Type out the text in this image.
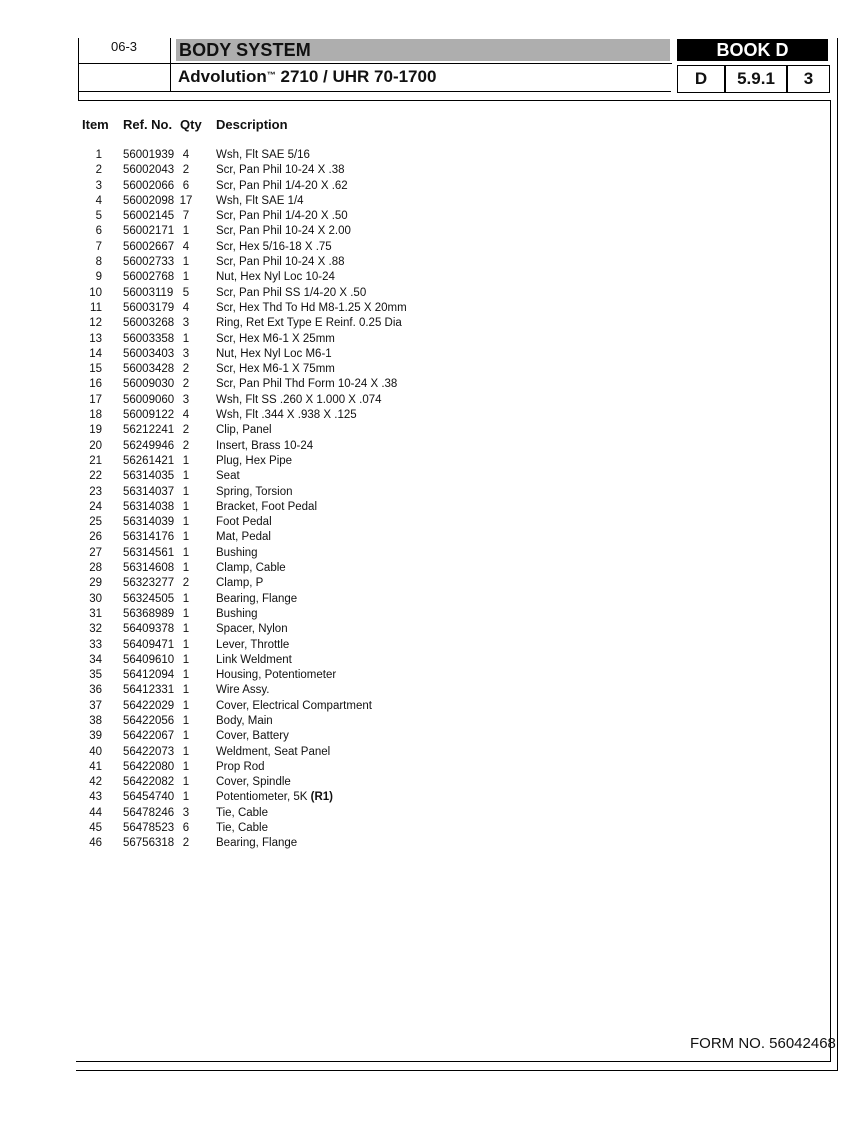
06-3	BODY SYSTEM
Advolution™ 2710 / UHR 70-1700
BOOK D
D	5.9.1	3
Item Ref. No. Qty Description
1 56001939 4	Wsh, Flt SAE 5/16
2 56002043 2	Scr, Pan Phil 10-24 X .38
3 56002066 6	Scr, Pan Phil 1/4-20 X .62
4 56002098 17 Wsh, Flt SAE 1/4
5 56002145 7	Scr, Pan Phil 1/4-20 X .50
6 56002171 1	Scr, Pan Phil 10-24 X 2.00
7 56002667 4	Scr, Hex 5/16-18 X .75
8 56002733 1	Scr, Pan Phil 10-24 X .88
9 56002768 1	Nut, Hex Nyl Loc 10-24
10 56003119 5	Scr, Pan Phil SS 1/4-20 X .50
11 56003179 4	Scr, Hex Thd To Hd M8-1.25 X 20mm
12 56003268 3	Ring, Ret Ext Type E Reinf. 0.25 Dia
13 56003358 1	Scr, Hex M6-1 X 25mm
14 56003403 3	Nut, Hex Nyl Loc M6-1
15 56003428 2	Scr, Hex M6-1 X 75mm
16 56009030 2	Scr, Pan Phil Thd Form 10-24 X .38
17 56009060 3	Wsh, Flt SS .260 X 1.000 X .074
18 56009122 4	Wsh, Flt .344 X .938 X .125
19 56212241 2	Clip, Panel
20 56249946 2	Insert, Brass 10-24
21 56261421 1	Plug, Hex Pipe
22 56314035 1	Seat
23 56314037 1	Spring, Torsion
24 56314038 1	Bracket, Foot Pedal
25 56314039 1	Foot Pedal
26 56314176 1	Mat, Pedal
27 56314561 1	Bushing
28 56314608 1	Clamp, Cable
29 56323277 2	Clamp, P
30 56324505 1	Bearing, Flange
31 56368989 1	Bushing
32 56409378 1	Spacer, Nylon
33 56409471 1	Lever, Throttle
34 56409610 1	Link Weldment
35 56412094 1	Housing, Potentiometer
36 56412331 1	Wire Assy.
37 56422029 1	Cover, Electrical Compartment
38 56422056 1	Body, Main
39 56422067 1	Cover, Battery
40 56422073 1	Weldment, Seat Panel
41 56422080 1	Prop Rod
42 56422082 1	Cover, Spindle
43 56454740 1	Potentiometer, 5K (R1)
44 56478246 3	Tie, Cable
45 56478523 6	Tie, Cable
46 56756318 2	Bearing, Flange
FORM NO. 56042468
